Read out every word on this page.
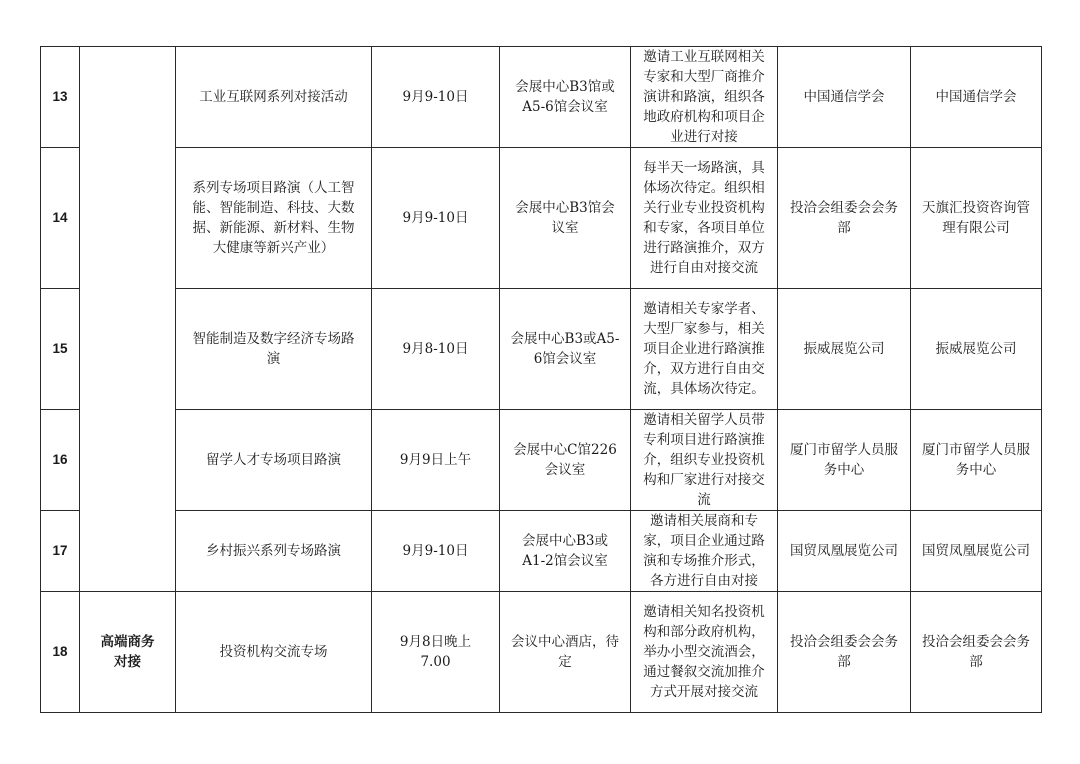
13		工业互联网系列对接活动	9月9-10日	会展中心B3馆或A5-6馆会议室	邀请工业互联网相关专家和大型厂商推介演讲和路演，组织各地政府机构和项目企业进行对接	中国通信学会	中国通信学会
14		系列专场项目路演（人工智能、智能制造、科技、大数据、新能源、新材料、生物大健康等新兴产业）	9月9-10日	会展中心B3馆会议室	每半天一场路演，具体场次待定。组织相关行业专业投资机构和专家，各项目单位进行路演推介，双方进行自由对接交流	投洽会组委会会务部	天旗汇投资咨询管理有限公司
15		智能制造及数字经济专场路演	9月8-10日	会展中心B3或A5-6馆会议室	邀请相关专家学者、大型厂家参与，相关项目企业进行路演推介，双方进行自由交流，具体场次待定。	振威展览公司	振威展览公司
16		留学人才专场项目路演	9月9日上午	会展中心C馆226会议室	邀请相关留学人员带专利项目进行路演推介，组织专业投资机构和厂家进行对接交流	厦门市留学人员服务中心	厦门市留学人员服务中心
17		乡村振兴系列专场路演	9月9-10日	会展中心B3或A1-2馆会议室	邀请相关展商和专家，项目企业通过路演和专场推介形式，各方进行自由对接	国贸凤凰展览公司	国贸凤凰展览公司
18	高端商务对接	投资机构交流专场	9月8日晚上7.00	会议中心酒店，待定	邀请相关知名投资机构和部分政府机构，举办小型交流酒会，通过餐叙交流加推介方式开展对接交流	投洽会组委会会务部	投洽会组委会会务部
